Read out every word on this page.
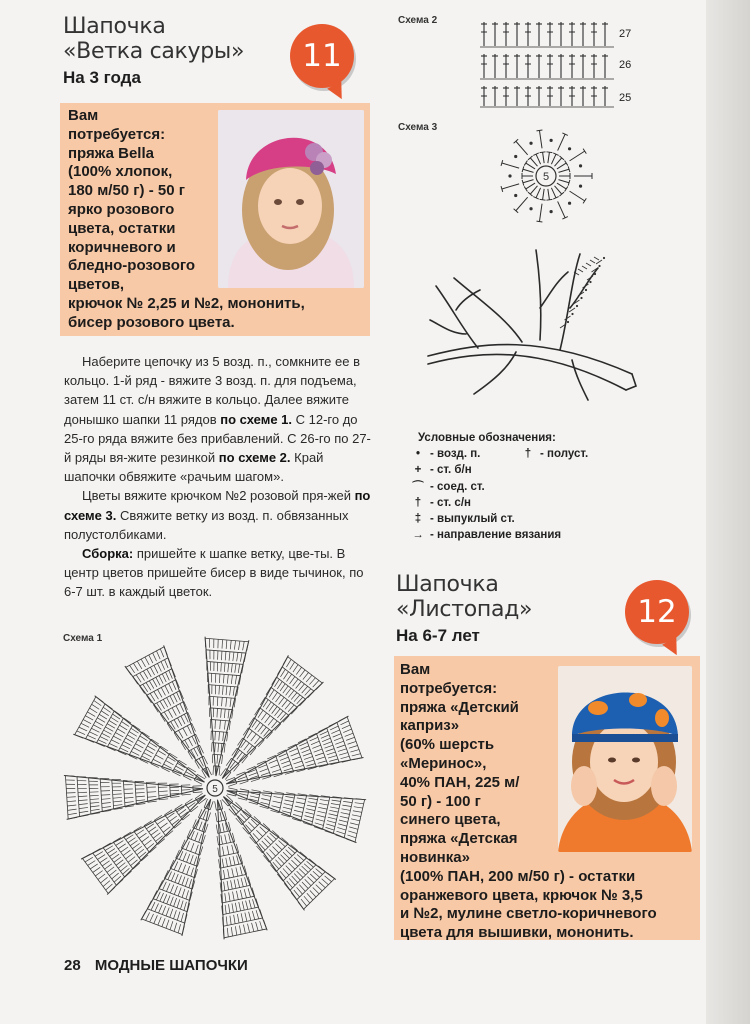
Шапочка

«Ветка сакуры»

На 3 года

11
Вам
потребуется:
пряжа Bella
(100% хлопок,
180 м/50 г) - 50 г
ярко розового
цвета, остатки
коричневого и
бледно-розового
цветов,
крючок № 2,25 и №2, мононить,
бисер розового цвета.

Наберите цепочку из 5 возд. п., сомкните ее в кольцо. 1-й ряд - вяжите 3 возд. п. для подъема, затем 11 ст. с/н вяжите в кольцо. Далее вяжите донышко шапки 11 рядов по схеме 1. С 12-го до 25-го ряда вяжите без прибавлений. С 26-го по 27-й ряды вя-жите резинкой по схеме 2. Край шапочки обвяжите «рачьим шагом».

Цветы вяжите крючком №2 розовой пря-жей по схеме 3. Свяжите ветку из возд. п. обвязанных полустолбиками.

Сборка: пришейте к шапке ветку, цве-ты. В центр цветов пришейте бисер в виде тычинок, по 6-7 шт. в каждый цветок.

Схема 1
5
Схема 2
27
26
25
Схема 3
5
Условные обозначения:
• - возд. п.	† - полуст.
+ - ст. б/н
⌒ - соед. ст.
† - ст. с/н
‡ - выпуклый ст.
→ - направление вязания

Шапочка

«Листопад»

На 6-7 лет

12
Вам
потребуется:
пряжа «Детский
каприз»
(60% шерсть
«Меринос»,
40% ПАН, 225 м/
50 г) - 100 г
синего цвета,
пряжа «Детская
новинка»
(100% ПАН, 200 м/50 г) - остатки
оранжевого цвета, крючок № 3,5
и №2, мулине светло-коричневого
цвета для вышивки, мононить.
28 МОДНЫЕ ШАПОЧКИ
